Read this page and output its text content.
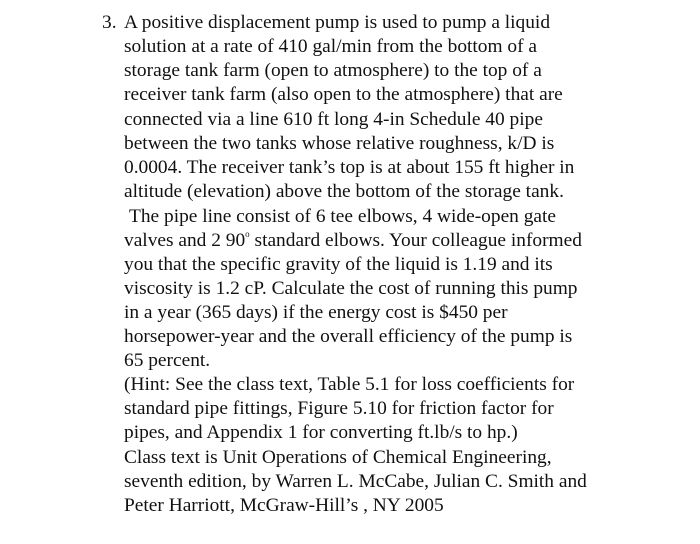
3. A positive displacement pump is used to pump a liquid
solution at a rate of 410 gal/min from the bottom of a
storage tank farm (open to atmosphere) to the top of a
receiver tank farm (also open to the atmosphere) that are
connected via a line 610 ft long 4-in Schedule 40 pipe
between the two tanks whose relative roughness, k/D is
0.0004. The receiver tank’s top is at about 155 ft higher in
altitude (elevation) above the bottom of the storage tank.
The pipe line consist of 6 tee elbows, 4 wide-open gate
valves and 2 90$^o$ standard elbows. Your colleague informed
you that the specific gravity of the liquid is 1.19 and its
viscosity is 1.2 cP. Calculate the cost of running this pump
in a year (365 days) if the energy cost is $450 per
horsepower-year and the overall efficiency of the pump is
65 percent.
(Hint: See the class text, Table 5.1 for loss coefficients for
standard pipe fittings, Figure 5.10 for friction factor for
pipes, and Appendix 1 for converting ft.lb/s to hp.)
Class text is Unit Operations of Chemical Engineering,
seventh edition, by Warren L. McCabe, Julian C. Smith and
Peter Harriott, McGraw-Hill’s , NY 2005
